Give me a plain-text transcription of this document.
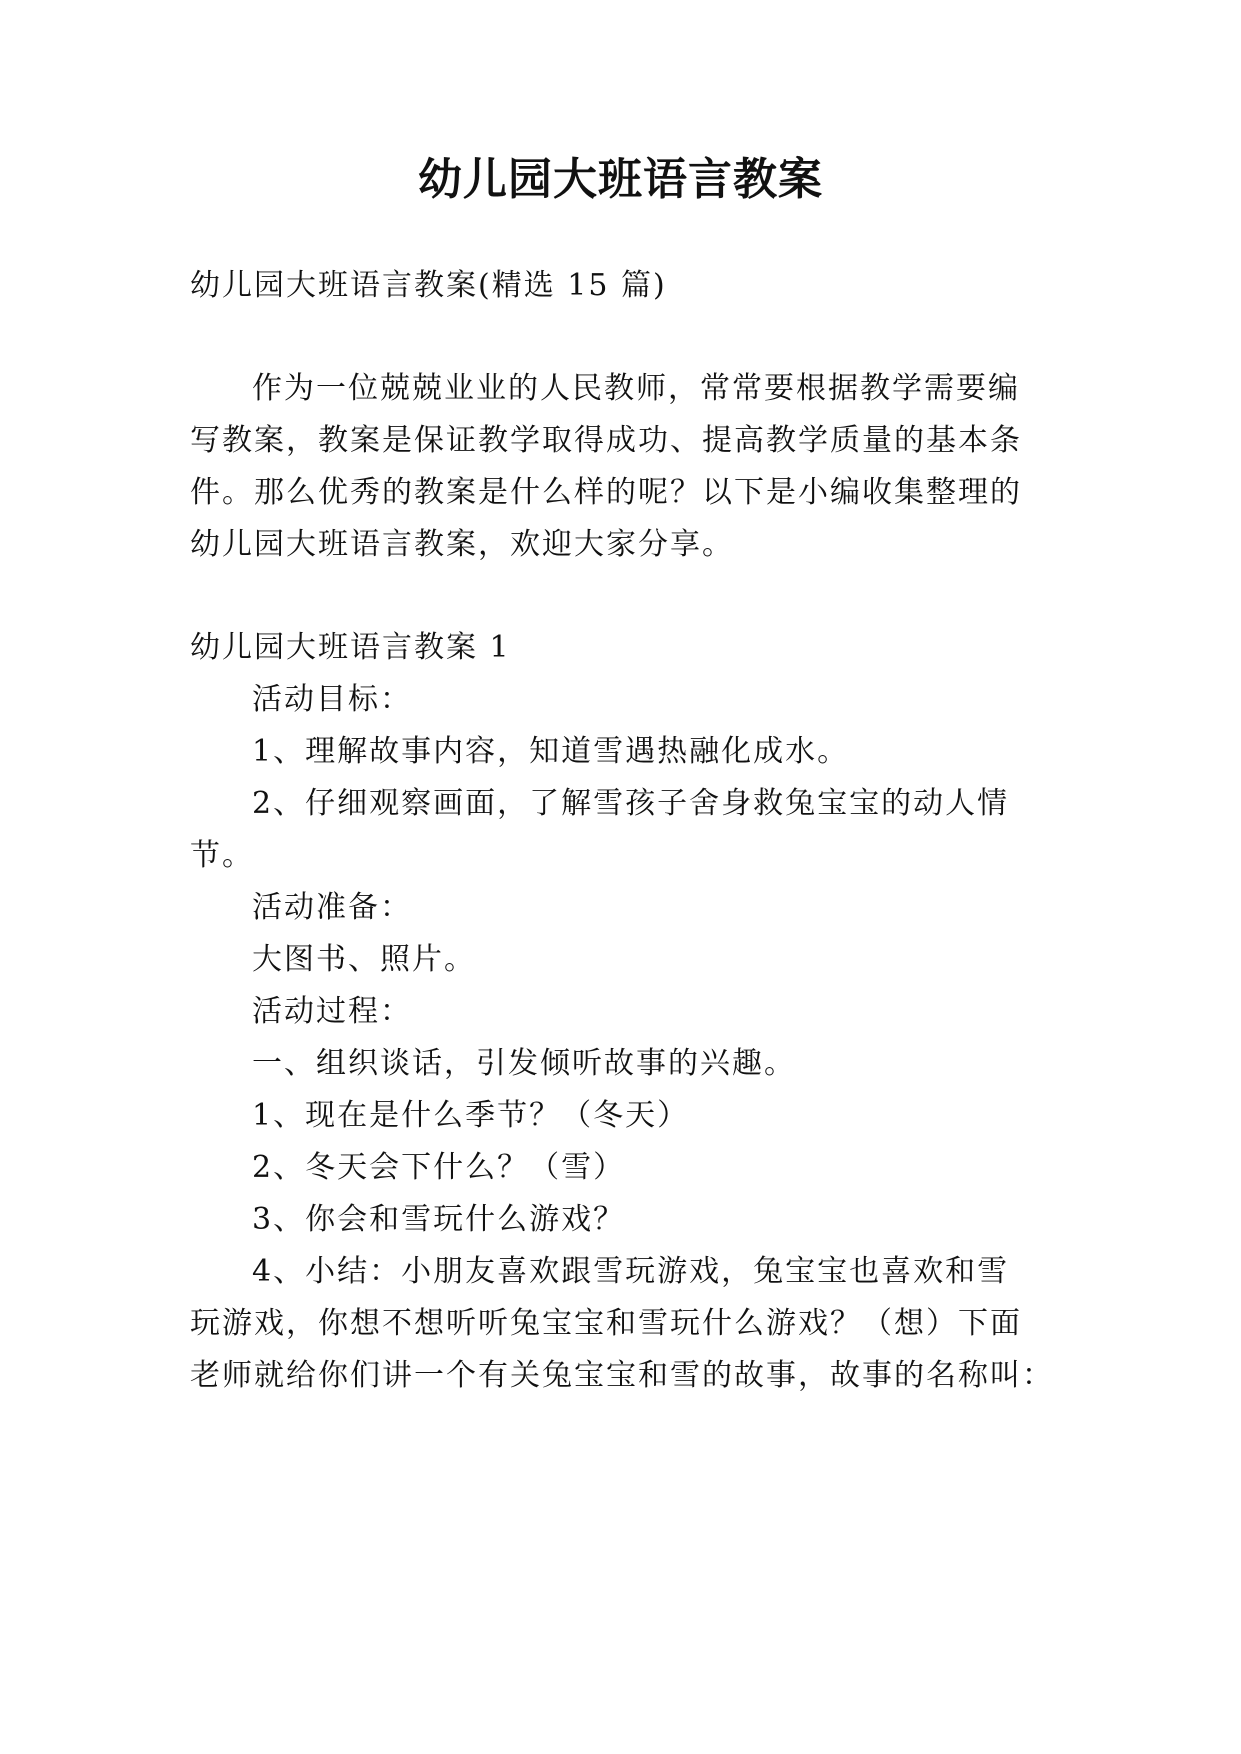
幼儿园大班语言教案
幼儿园大班语言教案(精选 15 篇)
作为一位兢兢业业的人民教师，常常要根据教学需要编
写教案，教案是保证教学取得成功、提高教学质量的基本条
件。那么优秀的教案是什么样的呢？以下是小编收集整理的
幼儿园大班语言教案，欢迎大家分享。
幼儿园大班语言教案 1
活动目标：
1、理解故事内容，知道雪遇热融化成水。
2、仔细观察画面，了解雪孩子舍身救兔宝宝的动人情
节。
活动准备：
大图书、照片。
活动过程：
一、组织谈话，引发倾听故事的兴趣。
1、现在是什么季节？（冬天）
2、冬天会下什么？（雪）
3、你会和雪玩什么游戏？
4、小结：小朋友喜欢跟雪玩游戏，兔宝宝也喜欢和雪
玩游戏，你想不想听听兔宝宝和雪玩什么游戏？（想）下面
老师就给你们讲一个有关兔宝宝和雪的故事，故事的名称叫：
